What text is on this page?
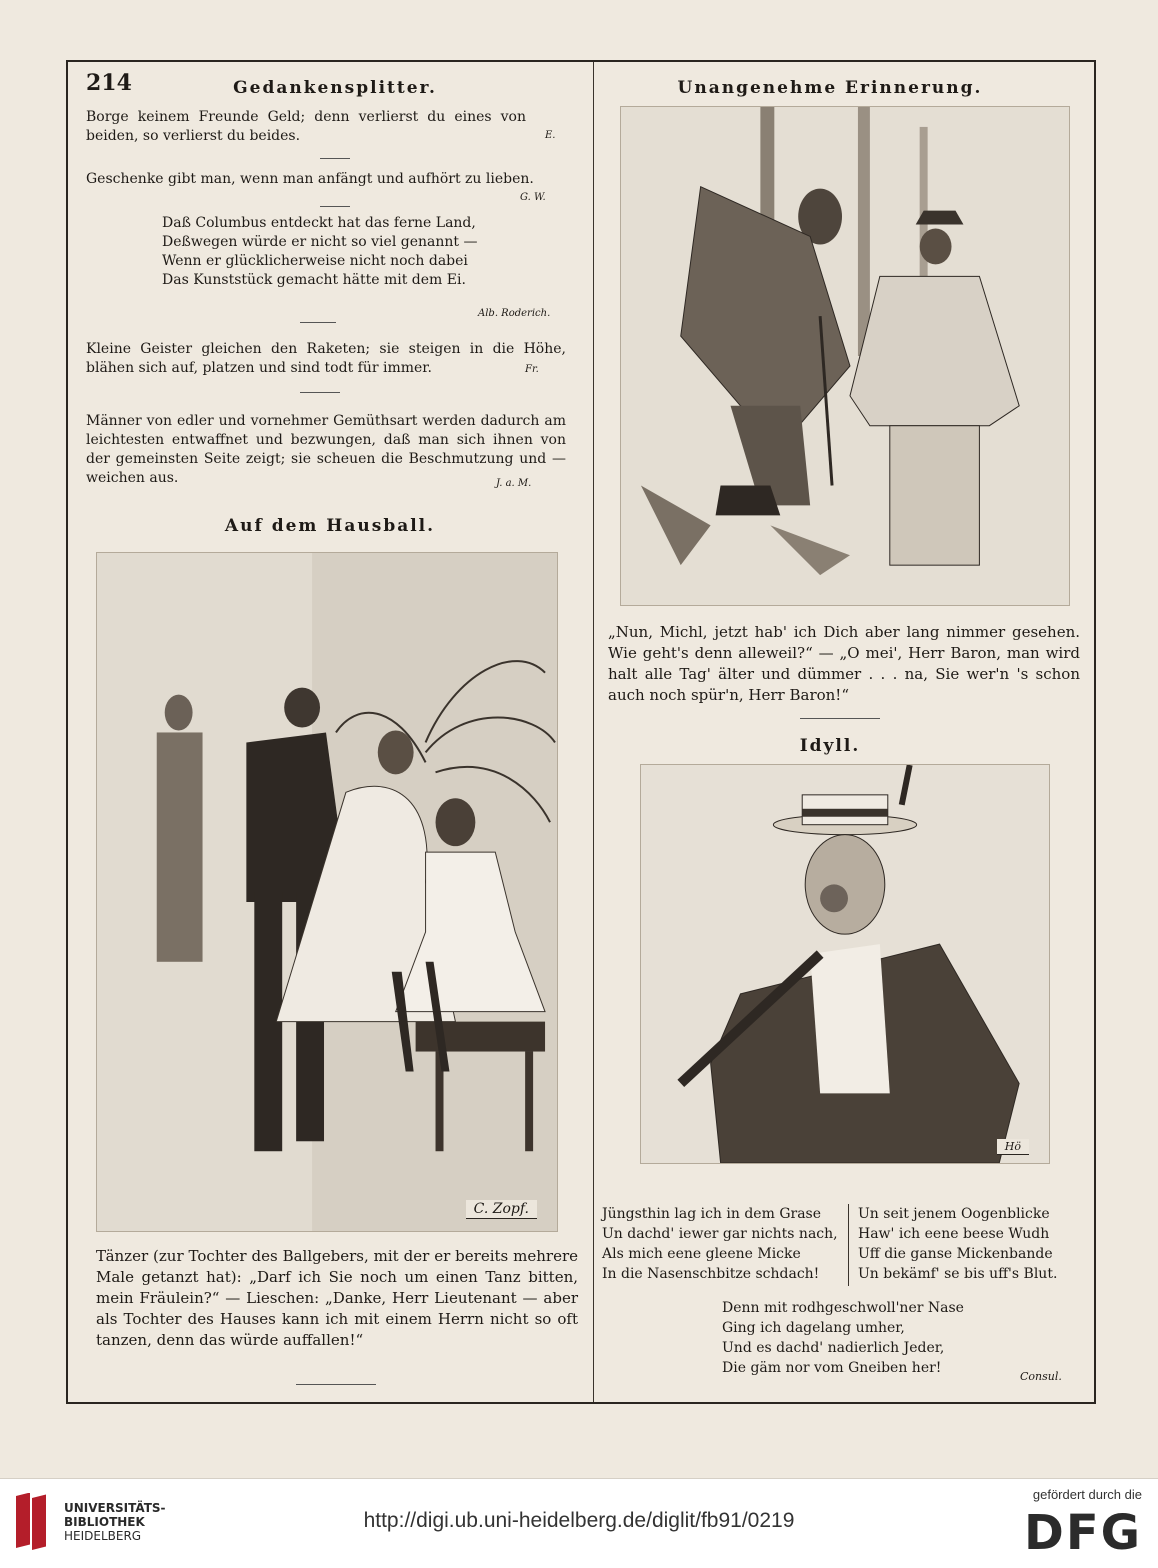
214	Gedankensplitter.

Borge keinem Freunde Geld; denn verlierst du eines von beiden, so verlierst du beides.	E.

Geschenke gibt man, wenn man anfängt und aufhört zu lieben.

G. W.

Daß Columbus entdeckt hat das ferne Land,
Deßwegen würde er nicht so viel genannt —
Wenn er glücklicherweise nicht noch dabei
Das Kunststück gemacht hätte mit dem Ei.

Alb. Roderich.

Kleine Geister gleichen den Raketen; sie steigen in die Höhe, blähen sich auf, platzen und sind todt für immer.	Fr.

Männer von edler und vornehmer Gemüthsart werden dadurch am leichtesten entwaffnet und bezwungen, daß man sich ihnen von der gemeinsten Seite zeigt; sie scheuen die Beschmutzung und — weichen aus.	J. a. M.

Auf dem Hausball.

C. Zopf.

Tänzer (zur Tochter des Ballgebers, mit der er bereits mehrere Male getanzt hat): „Darf ich Sie noch um einen Tanz bitten, mein Fräulein?“ — Lieschen: „Danke, Herr Lieutenant — aber als Tochter des Hauses kann ich mit einem Herrn nicht so oft tanzen, denn das würde auffallen!“

Unangenehme Erinnerung.

„Nun, Michl, jetzt hab' ich Dich aber lang nimmer gesehen. Wie geht's denn alleweil?“ — „O mei', Herr Baron, man wird halt alle Tag' älter und dümmer . . . na, Sie wer'n 's schon auch noch spür'n, Herr Baron!“

Idyll.

Hö
Jüngsthin lag ich in dem Grase
Un dachd' iewer gar nichts nach,
Als mich eene gleene Micke
In die Nasenschbitze schdach!
Un seit jenem Oogenblicke
Haw' ich eene beese Wudh
Uff die ganse Mickenbande
Un bekämf' se bis uff's Blut.
Denn mit rodhgeschwoll'ner Nase
Ging ich dagelang umher,
Und es dachd' nadierlich Jeder,
Die gäm nor vom Gneiben her!

Consul.

UNIVERSITÄTS-
BIBLIOTHEK
HEIDELBERG
http://digi.ub.uni-heidelberg.de/diglit/fb91/0219
gefördert durch die
DFG
